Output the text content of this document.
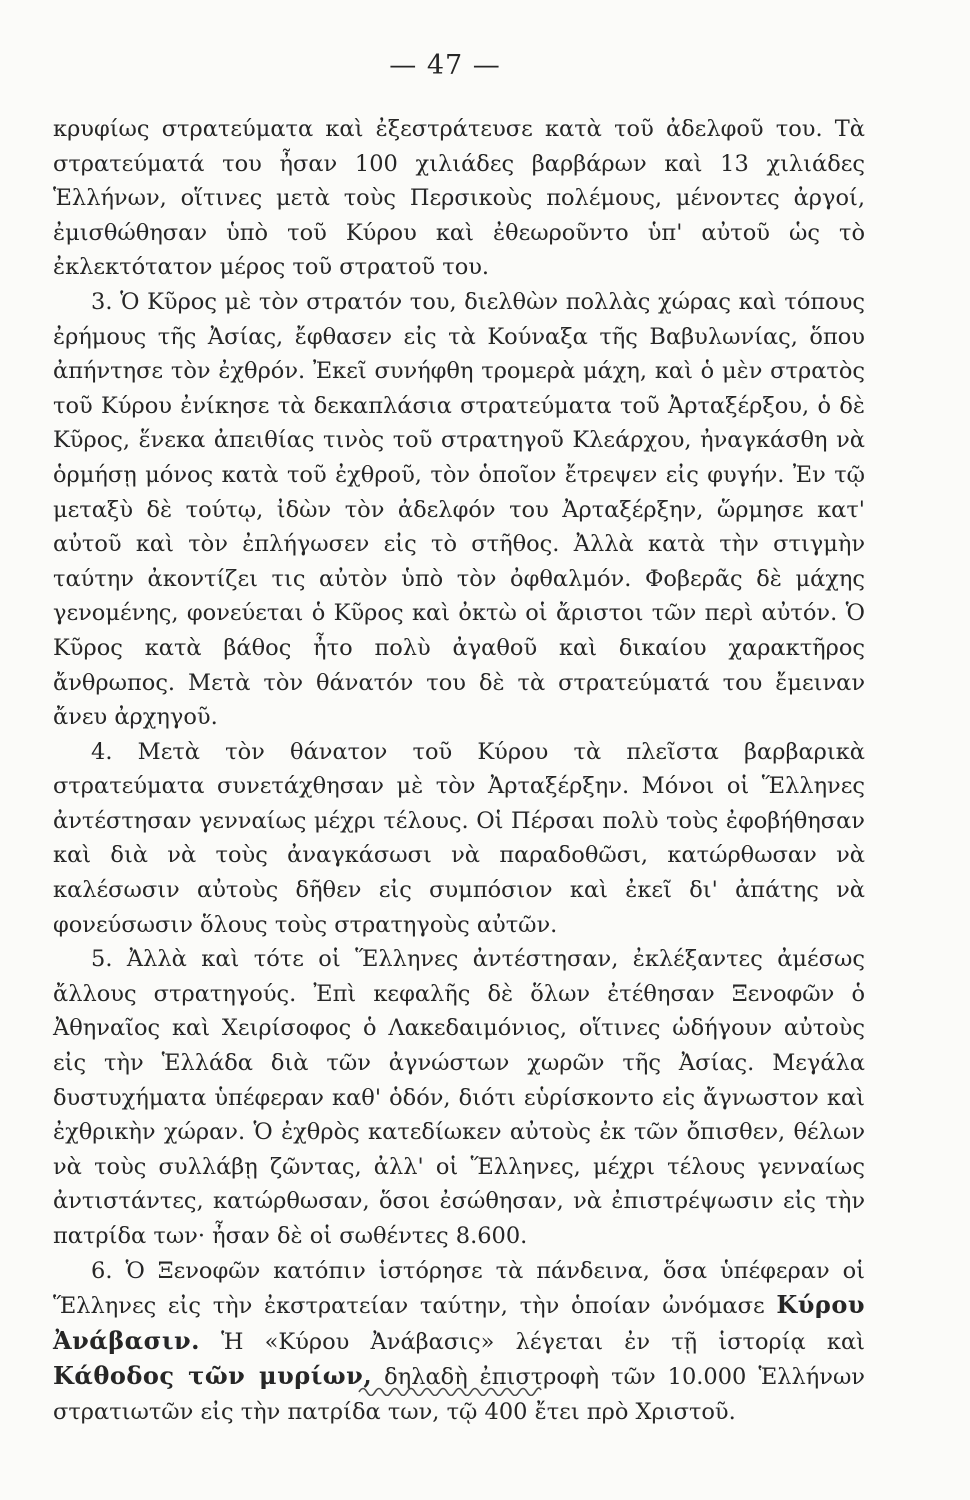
— 47 —

κρυφίως στρατεύματα καὶ ἐξεστράτευσε κατὰ τοῦ ἀδελφοῦ του. Τὰ στρατεύματά του ἦσαν 100 χιλιάδες βαρβάρων καὶ 13 χιλιάδες Ἑλλήνων, οἵτινες μετὰ τοὺς Περσικοὺς πολέμους, μένοντες ἀργοί, ἐμισθώθησαν ὑπὸ τοῦ Κύρου καὶ ἐθεωροῦντο ὑπ' αὐτοῦ ὡς τὸ ἐκλεκτότατον μέρος τοῦ στρατοῦ του.

3. Ὁ Κῦρος μὲ τὸν στρατόν του, διελθὼν πολλὰς χώρας καὶ τόπους ἐρήμους τῆς Ἀσίας, ἔφθασεν εἰς τὰ Κούναξα τῆς Βαβυλωνίας, ὅπου ἀπήντησε τὸν ἐχθρόν. Ἐκεῖ συνήφθη τρομερὰ μάχη, καὶ ὁ μὲν στρατὸς τοῦ Κύρου ἐνίκησε τὰ δεκαπλάσια στρατεύματα τοῦ Ἀρταξέρξου, ὁ δὲ Κῦρος, ἕνεκα ἀπειθίας τινὸς τοῦ στρατηγοῦ Κλεάρχου, ἠναγκάσθη νὰ ὁρμήσῃ μόνος κατὰ τοῦ ἐχθροῦ, τὸν ὁποῖον ἔτρεψεν εἰς φυγήν. Ἐν τῷ μεταξὺ δὲ τούτῳ, ἰδὼν τὸν ἀδελφόν του Ἀρταξέρξην, ὥρμησε κατ' αὐτοῦ καὶ τὸν ἐπλήγωσεν εἰς τὸ στῆθος. Ἀλλὰ κατὰ τὴν στιγμὴν ταύτην ἀκοντίζει τις αὐτὸν ὑπὸ τὸν ὀφθαλμόν. Φοβερᾶς δὲ μάχης γενομένης, φονεύεται ὁ Κῦρος καὶ ὀκτὼ οἱ ἄριστοι τῶν περὶ αὐτόν. Ὁ Κῦρος κατὰ βάθος ἦτο πολὺ ἀγαθοῦ καὶ δικαίου χαρακτῆρος ἄνθρωπος. Μετὰ τὸν θάνατόν του δὲ τὰ στρατεύματά του ἔμειναν ἄνευ ἀρχηγοῦ.

4. Μετὰ τὸν θάνατον τοῦ Κύρου τὰ πλεῖστα βαρβαρικὰ στρατεύματα συνετάχθησαν μὲ τὸν Ἀρταξέρξην. Μόνοι οἱ Ἕλληνες ἀντέστησαν γενναίως μέχρι τέλους. Οἱ Πέρσαι πολὺ τοὺς ἐφοβήθησαν καὶ διὰ νὰ τοὺς ἀναγκάσωσι νὰ παραδοθῶσι, κατώρθωσαν νὰ καλέσωσιν αὐτοὺς δῆθεν εἰς συμπόσιον καὶ ἐκεῖ δι' ἀπάτης νὰ φονεύσωσιν ὅλους τοὺς στρατηγοὺς αὐτῶν.

5. Ἀλλὰ καὶ τότε οἱ Ἕλληνες ἀντέστησαν, ἐκλέξαντες ἀμέσως ἄλλους στρατηγούς. Ἐπὶ κεφαλῆς δὲ ὅλων ἐτέθησαν Ξενοφῶν ὁ Ἀθηναῖος καὶ Χειρίσοφος ὁ Λακεδαιμόνιος, οἵτινες ὡδήγουν αὐτοὺς εἰς τὴν Ἑλλάδα διὰ τῶν ἀγνώστων χωρῶν τῆς Ἀσίας. Μεγάλα δυστυχήματα ὑπέφεραν καθ' ὁδόν, διότι εὑρίσκοντο εἰς ἄγνωστον καὶ ἐχθρικὴν χώραν. Ὁ ἐχθρὸς κατεδίωκεν αὐτοὺς ἐκ τῶν ὄπισθεν, θέλων νὰ τοὺς συλλάβῃ ζῶντας, ἀλλ' οἱ Ἕλληνες, μέχρι τέλους γενναίως ἀντιστάντες, κατώρθωσαν, ὅσοι ἐσώθησαν, νὰ ἐπιστρέψωσιν εἰς τὴν πατρίδα των· ἦσαν δὲ οἱ σωθέντες 8.600.

6. Ὁ Ξενοφῶν κατόπιν ἱστόρησε τὰ πάνδεινα, ὅσα ὑπέφεραν οἱ Ἕλληνες εἰς τὴν ἐκστρατείαν ταύτην, τὴν ὁποίαν ὠνόμασε Κύρου Ἀνάβασιν. Ἡ «Κύρου Ἀνάβασις» λέγεται ἐν τῇ ἱστορίᾳ καὶ Κάθοδος τῶν μυρίων, δηλαδὴ ἐπιστροφὴ τῶν 10.000 Ἑλλήνων στρατιωτῶν εἰς τὴν πατρίδα των, τῷ 400 ἔτει πρὸ Χριστοῦ.
